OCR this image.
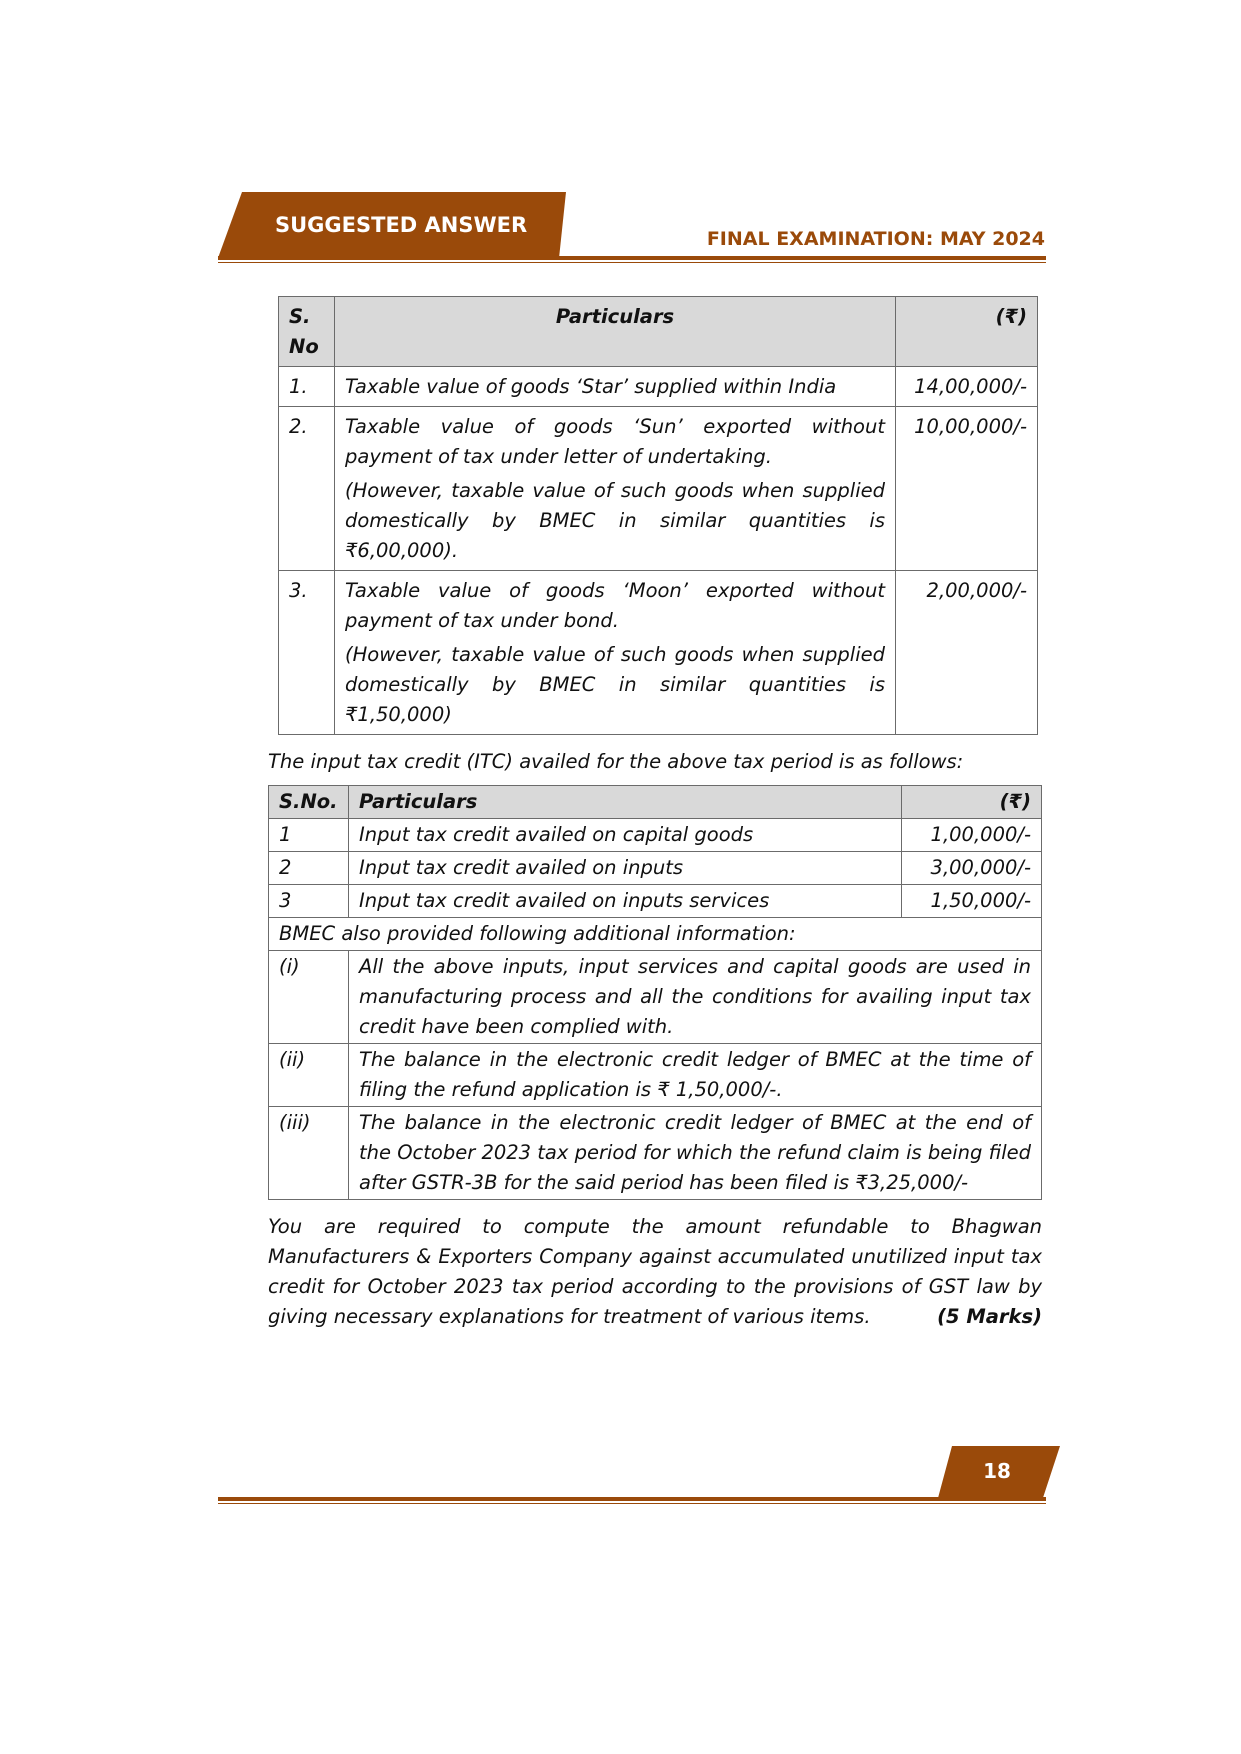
SUGGESTED ANSWER
FINAL EXAMINATION: MAY 2024
S. No	Particulars	(₹)
1.	Taxable value of goods ‘Star’ supplied within India	14,00,000/-
2.	Taxable value of goods ‘Sun’ exported without payment of tax under letter of undertaking.

(However, taxable value of such goods when supplied domestically by BMEC in similar quantities is ₹6,00,000).	10,00,000/-
3.	Taxable value of goods ‘Moon’ exported without payment of tax under bond.

(However, taxable value of such goods when supplied domestically by BMEC in similar quantities is ₹1,50,000)	2,00,000/-

The input tax credit (ITC) availed for the above tax period is as follows:

S.No.	Particulars	(₹)
1	Input tax credit availed on capital goods	1,00,000/-
2	Input tax credit availed on inputs	3,00,000/-
3	Input tax credit availed on inputs services	1,50,000/-
BMEC also provided following additional information:		
(i)	All the above inputs, input services and capital goods are used in manufacturing process and all the conditions for availing input tax credit have been complied with.	
(ii)	The balance in the electronic credit ledger of BMEC at the time of filing the refund application is ₹ 1,50,000/-.	
(iii)	The balance in the electronic credit ledger of BMEC at the end of the October 2023 tax period for which the refund claim is being filed after GSTR-3B for the said period has been filed is ₹3,25,000/-	

You are required to compute the amount refundable to Bhagwan Manufacturers & Exporters Company against accumulated unutilized input tax credit for October 2023 tax period according to the provisions of GST law by giving necessary explanations for treatment of various items.	(5 Marks)

18
